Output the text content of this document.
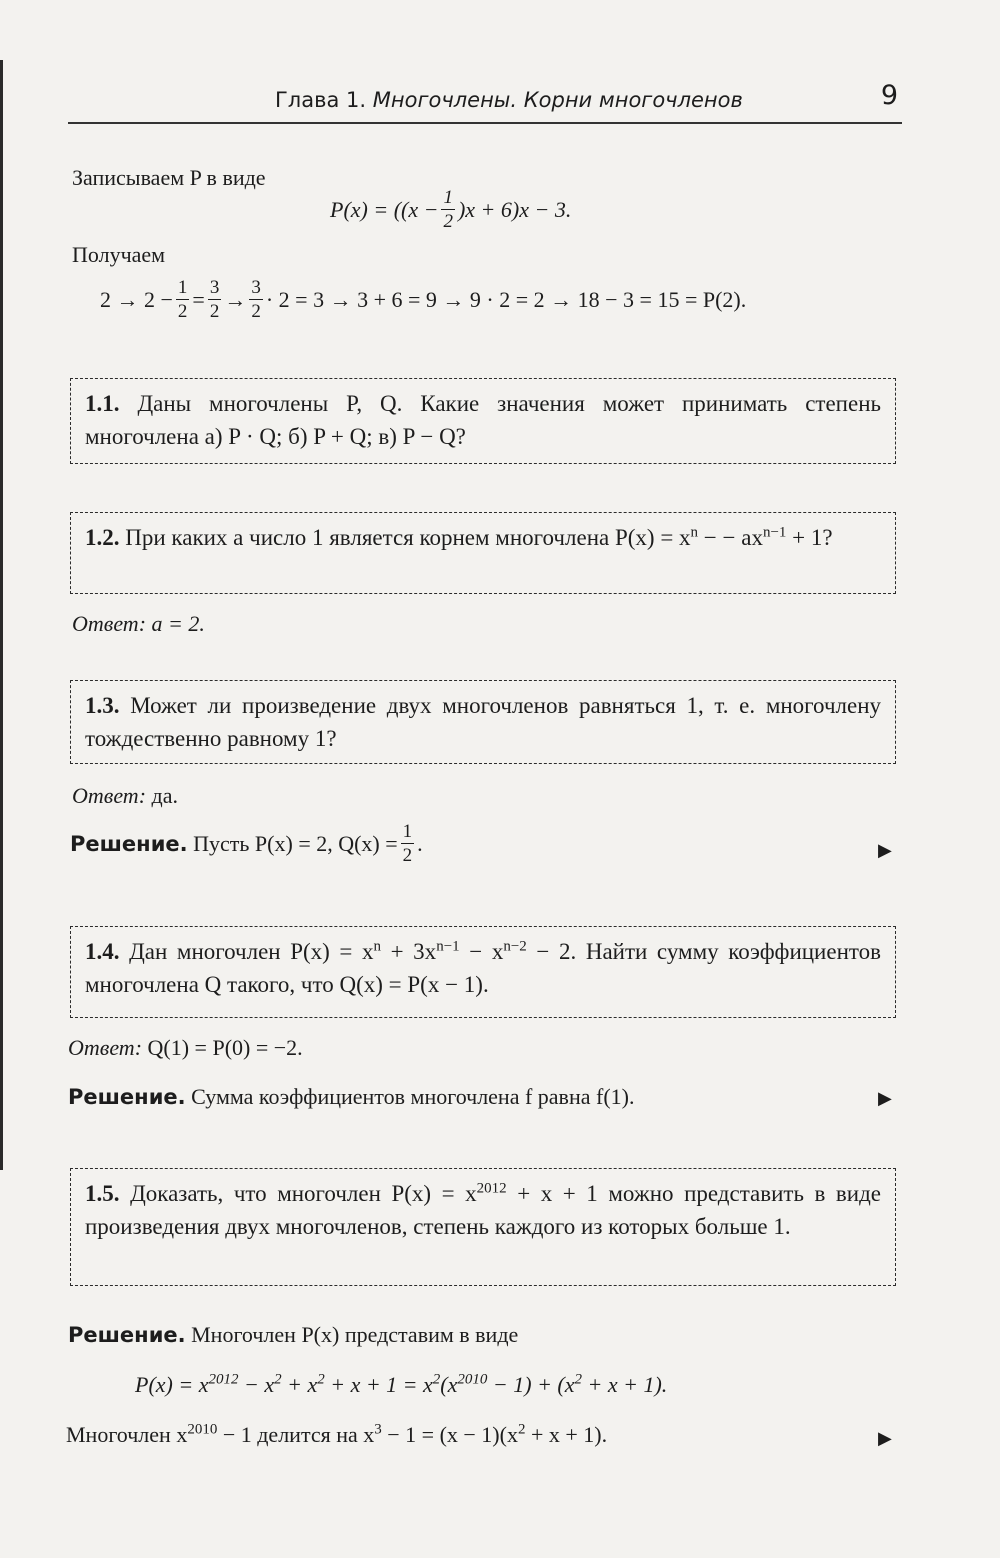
Глава 1. Многочлены. Корни многочленов	9
Записываем P в виде
$P(x) = ((x - \frac{1}{2} )x + 6)x - 3$.
Получаем
$2 \to 2 - \frac{1}{2} = \frac{3}{2} \to \frac{3}{2} \cdot 2 = 3 \to 3 + 6 = 9 \to 9 \cdot 2 = 2 \to 18 - 3 = 15 = P(2)$.
1.1. Даны многочлены P, Q. Какие значения может принимать степень многочлена а) P · Q; б) P + Q; в) P − Q?
1.2. При каких a число 1 является корнем многочлена $P(x) = x^n$ − − $ax^{n-1} + 1$?
Ответ: a = 2.
1.3. Может ли произведение двух многочленов равняться 1, т. е. многочлену тождественно равному 1?
Ответ: да.
Решение.
Пусть P(x) = 2, $Q(x) = \frac{1}{2}$ .	▶
1.4. Дан многочлен $P(x) = x^n + 3x^{n-1} - x^{n-2} - 2$. Найти сумму коэффициентов многочлена Q такого, что Q(x) = P(x − 1).
Ответ: Q(1) = P(0) = −2.
Решение. Сумма коэффициентов многочлена f равна f(1).	▶
1.5. Доказать, что многочлен $P(x) = x^{2012} + x + 1$ можно представить в виде произведения двух многочленов, степень каждого из которых больше 1.
Решение. Многочлен P(x) представим в виде
$P(x) = x^{2012} - x^2 + x^2 + x + 1 = x^2(x^{2010} - 1) + (x^2 + x + 1)$.
Многочлен $x^{2010} - 1$ делится на $x^3 - 1 = (x - 1)(x^2 + x + 1)$.	▶
